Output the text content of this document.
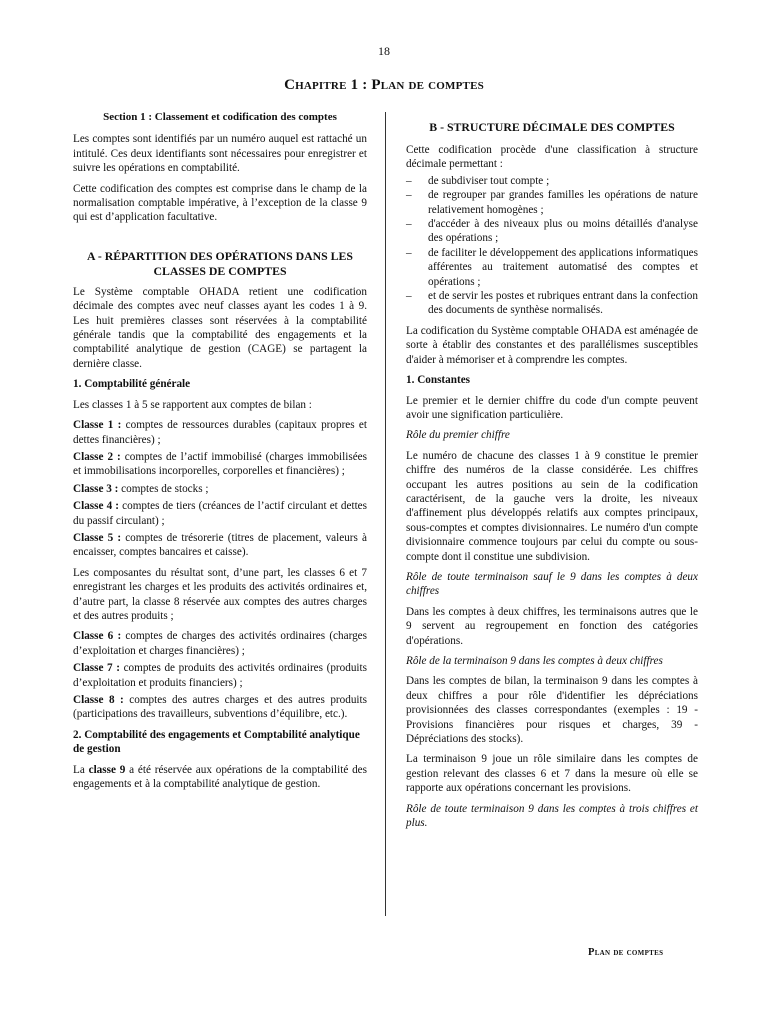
18
Chapitre 1 : Plan de comptes
Section 1 : Classement et codification des comptes

Les comptes sont identifiés par un numéro auquel est rattaché un intitulé. Ces deux identifiants sont nécessaires pour enregistrer et suivre les opérations en comptabilité.

Cette codification des comptes est comprise dans le champ de la normalisation comptable impérative, à l’exception de la classe 9 qui est d’application facultative.

A - RÉPARTITION DES OPÉRATIONS DANS LES CLASSES DE COMPTES

Le Système comptable OHADA retient une codification décimale des comptes avec neuf classes ayant les codes 1 à 9. Les huit premières classes sont réservées à la comptabilité générale tandis que la comptabilité des engagements et la comptabilité analytique de gestion (CAGE) se partagent la dernière classe.

1. Comptabilité générale

Les classes 1 à 5 se rapportent aux comptes de bilan :

Classe 1 : comptes de ressources durables (capitaux propres et dettes financières) ;
Classe 2 : comptes de l’actif immobilisé (charges immobilisées et immobilisations incorporelles, corporelles et financières) ;
Classe 3 : comptes de stocks ;
Classe 4 : comptes de tiers (créances de l’actif circulant et dettes du passif circulant) ;
Classe 5 : comptes de trésorerie (titres de placement, valeurs à encaisser, comptes bancaires et caisse).

Les composantes du résultat sont, d’une part, les classes 6 et 7 enregistrant les charges et les produits des activités ordinaires et, d’autre part, la classe 8 réservée aux comptes des autres charges et des autres produits ;

Classe 6 : comptes de charges des activités ordinaires (charges d’exploitation et charges financières) ;
Classe 7 : comptes de produits des activités ordinaires (produits d’exploitation et produits financiers) ;
Classe 8 : comptes des autres charges et des autres produits (participations des travailleurs, subventions d’équilibre, etc.).
2. Comptabilité des engagements et Comptabilité analytique de gestion

La classe 9 a été réservée aux opérations de la comptabilité des engagements et à la comptabilité analytique de gestion.

B - STRUCTURE DÉCIMALE DES COMPTES

Cette codification procède d'une classification à structure décimale permettant :

– de subdiviser tout compte ;
– de regrouper par grandes familles les opérations de nature relativement homogènes ;
– d'accéder à des niveaux plus ou moins détaillés d'analyse des opérations ;
– de faciliter le développement des applications informatiques afférentes au traitement automatisé des comptes et opérations ;
– et de servir les postes et rubriques entrant dans la confection des documents de synthèse normalisés.

La codification du Système comptable OHADA est aménagée de sorte à établir des constantes et des parallélismes susceptibles d'aider à mémoriser et à comprendre les comptes.

1. Constantes

Le premier et le dernier chiffre du code d'un compte peuvent avoir une signification particulière.

Rôle du premier chiffre

Le numéro de chacune des classes 1 à 9 constitue le premier chiffre des numéros de la classe considérée. Les chiffres occupant les autres positions au sein de la codification caractérisent, de la gauche vers la droite, les niveaux d'affinement plus développés relatifs aux comptes principaux, sous-comptes et comptes divisionnaires. Le numéro d'un compte divisionnaire commence toujours par celui du compte ou sous-compte dont il constitue une subdivision.

Rôle de toute terminaison sauf le 9 dans les comptes à deux chiffres

Dans les comptes à deux chiffres, les terminaisons autres que le 9 servent au regroupement en fonction des catégories d'opérations.

Rôle de la terminaison 9 dans les comptes à deux chiffres

Dans les comptes de bilan, la terminaison 9 dans les comptes à deux chiffres a pour rôle d'identifier les dépréciations provisionnées des classes correspondantes (exemples : 19 - Provisions financières pour risques et charges, 39 - Dépréciations des stocks).

La terminaison 9 joue un rôle similaire dans les comptes de gestion relevant des classes 6 et 7 dans la mesure où elle se rapporte aux opérations concernant les provisions.

Rôle de toute terminaison 9 dans les comptes à trois chiffres et plus.

Plan de comptes
